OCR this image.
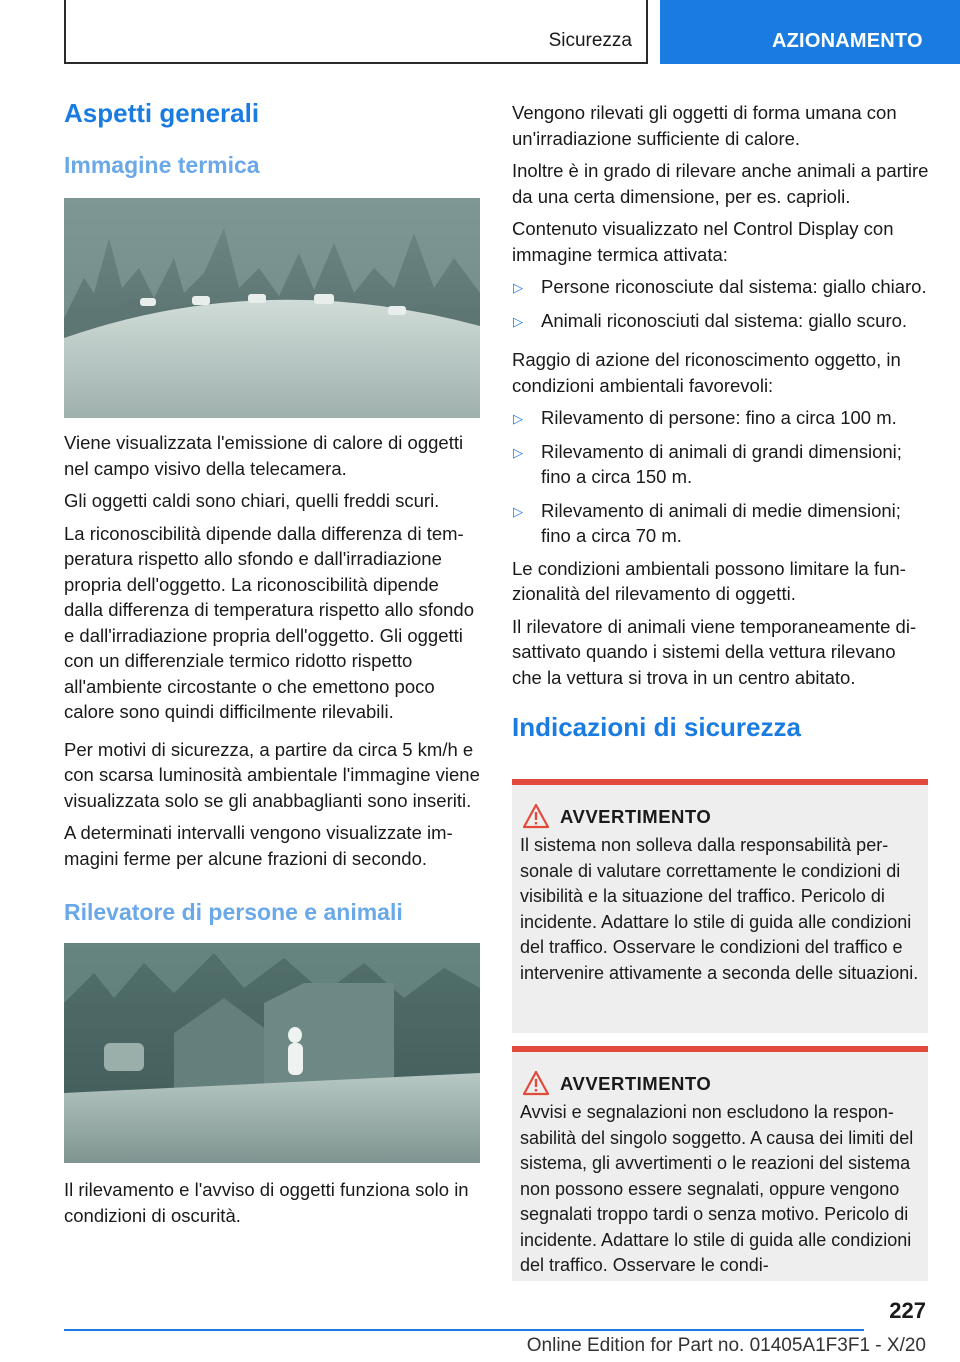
Sicurezza	AZIONAMENTO
Aspetti generali
Immagine termica

Viene visualizzata l'emissione di calore di oggetti nel campo visivo della telecamera.

Gli oggetti caldi sono chiari, quelli freddi scuri.

La riconoscibilità dipende dalla differenza di temperatura rispetto allo sfondo e dall'irradiazione propria dell'oggetto. La riconoscibilità dipende dalla differenza di temperatura rispetto allo sfondo e dall'irradiazione propria dell'oggetto. Gli oggetti con un differenziale termico ridotto rispetto all'ambiente circostante o che emettono poco calore sono quindi difficilmente rilevabili.

Per motivi di sicurezza, a partire da circa 5 km/h e con scarsa luminosità ambientale l'immagine viene visualizzata solo se gli anabbaglianti sono inseriti.

A determinati intervalli vengono visualizzate immagini ferme per alcune frazioni di secondo.

Rilevatore di persone e animali

Il rilevamento e l'avviso di oggetti funziona solo in condizioni di oscurità.

Vengono rilevati gli oggetti di forma umana con un'irradiazione sufficiente di calore.

Inoltre è in grado di rilevare anche animali a partire da una certa dimensione, per es. caprioli.

Contenuto visualizzato nel Control Display con immagine termica attivata:

▷ Persone riconosciute dal sistema: giallo chiaro.
▷ Animali riconosciuti dal sistema: giallo scuro.

Raggio di azione del riconoscimento oggetto, in condizioni ambientali favorevoli:

▷ Rilevamento di persone: fino a circa 100 m.
▷ Rilevamento di animali di grandi dimensioni; fino a circa 150 m.
▷ Rilevamento di animali di medie dimensioni; fino a circa 70 m.

Le condizioni ambientali possono limitare la funzionalità del rilevamento di oggetti.

Il rilevatore di animali viene temporaneamente disattivato quando i sistemi della vettura rilevano che la vettura si trova in un centro abitato.

Indicazioni di sicurezza
AVVERTIMENTO

Il sistema non solleva dalla responsabilità personale di valutare correttamente le condizioni di visibilità e la situazione del traffico. Pericolo di incidente. Adattare lo stile di guida alle condizioni del traffico. Osservare le condizioni del traffico e intervenire attivamente a seconda delle situazioni.

AVVERTIMENTO

Avvisi e segnalazioni non escludono la responsabilità del singolo soggetto. A causa dei limiti del sistema, gli avvertimenti o le reazioni del sistema non possono essere segnalati, oppure vengono segnalati troppo tardi o senza motivo. Pericolo di incidente. Adattare lo stile di guida alle condizioni del traffico. Osservare le condi-

227
Online Edition for Part no. 01405A1F3F1 - X/20
